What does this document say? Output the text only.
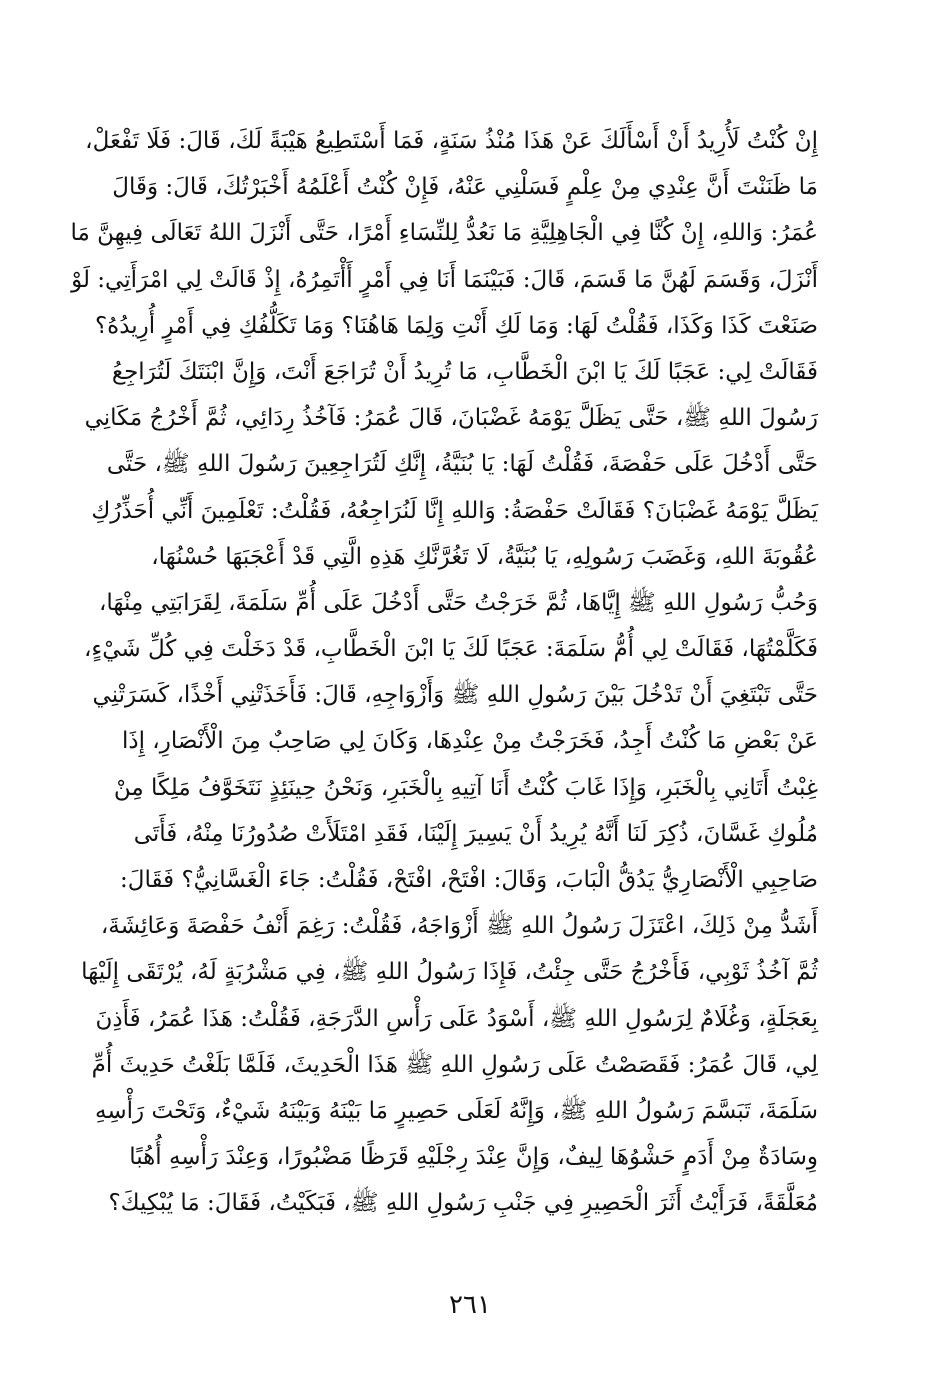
إِنْ كُنْتُ لَأُرِيدُ أَنْ أَسْأَلَكَ عَنْ هَذَا مُنْذُ سَنَةٍ، فَمَا أَسْتَطِيعُ هَيْبَةً لَكَ، قَالَ: فَلَا تَفْعَلْ،
مَا ظَنَنْتَ أَنَّ عِنْدِي مِنْ عِلْمٍ فَسَلْنِي عَنْهُ، فَإِنْ كُنْتُ أَعْلَمُهُ أَخْبَرْتُكَ، قَالَ: وَقَالَ
عُمَرُ: وَاللهِ، إِنْ كُنَّا فِي الْجَاهِلِيَّةِ مَا نَعُدُّ لِلنِّسَاءِ أَمْرًا، حَتَّى أَنْزَلَ اللهُ تَعَالَى فِيهِنَّ مَا
أَنْزَلَ، وَقَسَمَ لَهُنَّ مَا قَسَمَ، قَالَ: فَبَيْنَمَا أَنَا فِي أَمْرٍ أَأْتَمِرُهُ، إِذْ قَالَتْ لِي امْرَأَتِي: لَوْ
صَنَعْتَ كَذَا وَكَذَا، فَقُلْتُ لَهَا: وَمَا لَكِ أَنْتِ وَلِمَا هَاهُنَا؟ وَمَا تَكَلُّفُكِ فِي أَمْرٍ أُرِيدُهُ؟
فَقَالَتْ لِي: عَجَبًا لَكَ يَا ابْنَ الْخَطَّابِ، مَا تُرِيدُ أَنْ تُرَاجَعَ أَنْتَ، وَإِنَّ ابْنَتَكَ لَتُرَاجِعُ
رَسُولَ اللهِ ﷺ، حَتَّى يَظَلَّ يَوْمَهُ غَضْبَانَ، قَالَ عُمَرُ: فَآخُذُ رِدَائِي، ثُمَّ أَخْرُجُ مَكَانِي
حَتَّى أَدْخُلَ عَلَى حَفْصَةَ، فَقُلْتُ لَهَا: يَا بُنَيَّةُ، إِنَّكِ لَتُرَاجِعِينَ رَسُولَ اللهِ ﷺ، حَتَّى
يَظَلَّ يَوْمَهُ غَضْبَانَ؟ فَقَالَتْ حَفْصَةُ: وَاللهِ إِنَّا لَنُرَاجِعُهُ، فَقُلْتُ: تَعْلَمِينَ أَنِّي أُحَذِّرُكِ
عُقُوبَةَ اللهِ، وَغَضَبَ رَسُولِهِ، يَا بُنَيَّةُ، لَا تَغُرَّنَّكِ هَذِهِ الَّتِي قَدْ أَعْجَبَهَا حُسْنُهَا،
وَحُبُّ رَسُولِ اللهِ ﷺ إِيَّاهَا، ثُمَّ خَرَجْتُ حَتَّى أَدْخُلَ عَلَى أُمِّ سَلَمَةَ، لِقَرَابَتِي مِنْهَا،
فَكَلَّمْتُهَا، فَقَالَتْ لِي أُمُّ سَلَمَةَ: عَجَبًا لَكَ يَا ابْنَ الْخَطَّابِ، قَدْ دَخَلْتَ فِي كُلِّ شَيْءٍ،
حَتَّى تَبْتَغِيَ أَنْ تَدْخُلَ بَيْنَ رَسُولِ اللهِ ﷺ وَأَزْوَاجِهِ، قَالَ: فَأَخَذَتْنِي أَخْذًا، كَسَرَتْنِي
عَنْ بَعْضِ مَا كُنْتُ أَجِدُ، فَخَرَجْتُ مِنْ عِنْدِهَا، وَكَانَ لِي صَاحِبٌ مِنَ الْأَنْصَارِ، إِذَا
غِبْتُ أَتَانِي بِالْخَبَرِ، وَإِذَا غَابَ كُنْتُ أَنَا آتِيهِ بِالْخَبَرِ، وَنَحْنُ حِينَئِذٍ نَتَخَوَّفُ مَلِكًا مِنْ
مُلُوكِ غَسَّانَ، ذُكِرَ لَنَا أَنَّهُ يُرِيدُ أَنْ يَسِيرَ إِلَيْنَا، فَقَدِ امْتَلَأَتْ صُدُورُنَا مِنْهُ، فَأَتَى
صَاحِبِي الْأَنْصَارِيُّ يَدُقُّ الْبَابَ، وَقَالَ: افْتَحْ، افْتَحْ، فَقُلْتُ: جَاءَ الْغَسَّانِيُّ؟ فَقَالَ:
أَشَدُّ مِنْ ذَلِكَ، اعْتَزَلَ رَسُولُ اللهِ ﷺ أَزْوَاجَهُ، فَقُلْتُ: رَغِمَ أَنْفُ حَفْصَةَ وَعَائِشَةَ،
ثُمَّ آخُذُ ثَوْبِي، فَأَخْرُجُ حَتَّى جِئْتُ، فَإِذَا رَسُولُ اللهِ ﷺ، فِي مَشْرُبَةٍ لَهُ، يُرْتَقَى إِلَيْهَا
بِعَجَلَةٍ، وَغُلَامٌ لِرَسُولِ اللهِ ﷺ، أَسْوَدُ عَلَى رَأْسِ الدَّرَجَةِ، فَقُلْتُ: هَذَا عُمَرُ، فَأَذِنَ
لِي، قَالَ عُمَرُ: فَقَصَصْتُ عَلَى رَسُولِ اللهِ ﷺ هَذَا الْحَدِيثَ، فَلَمَّا بَلَغْتُ حَدِيثَ أُمِّ
سَلَمَةَ، تَبَسَّمَ رَسُولُ اللهِ ﷺ، وَإِنَّهُ لَعَلَى حَصِيرٍ مَا بَيْنَهُ وَبَيْنَهُ شَيْءٌ، وَتَحْتَ رَأْسِهِ
وِسَادَةٌ مِنْ أَدَمٍ حَشْوُهَا لِيفٌ، وَإِنَّ عِنْدَ رِجْلَيْهِ قَرَظًا مَضْبُورًا، وَعِنْدَ رَأْسِهِ أُهُبًا
مُعَلَّقَةً، فَرَأَيْتُ أَثَرَ الْحَصِيرِ فِي جَنْبِ رَسُولِ اللهِ ﷺ، فَبَكَيْتُ، فَقَالَ: مَا يُبْكِيكَ؟
٢٦١
